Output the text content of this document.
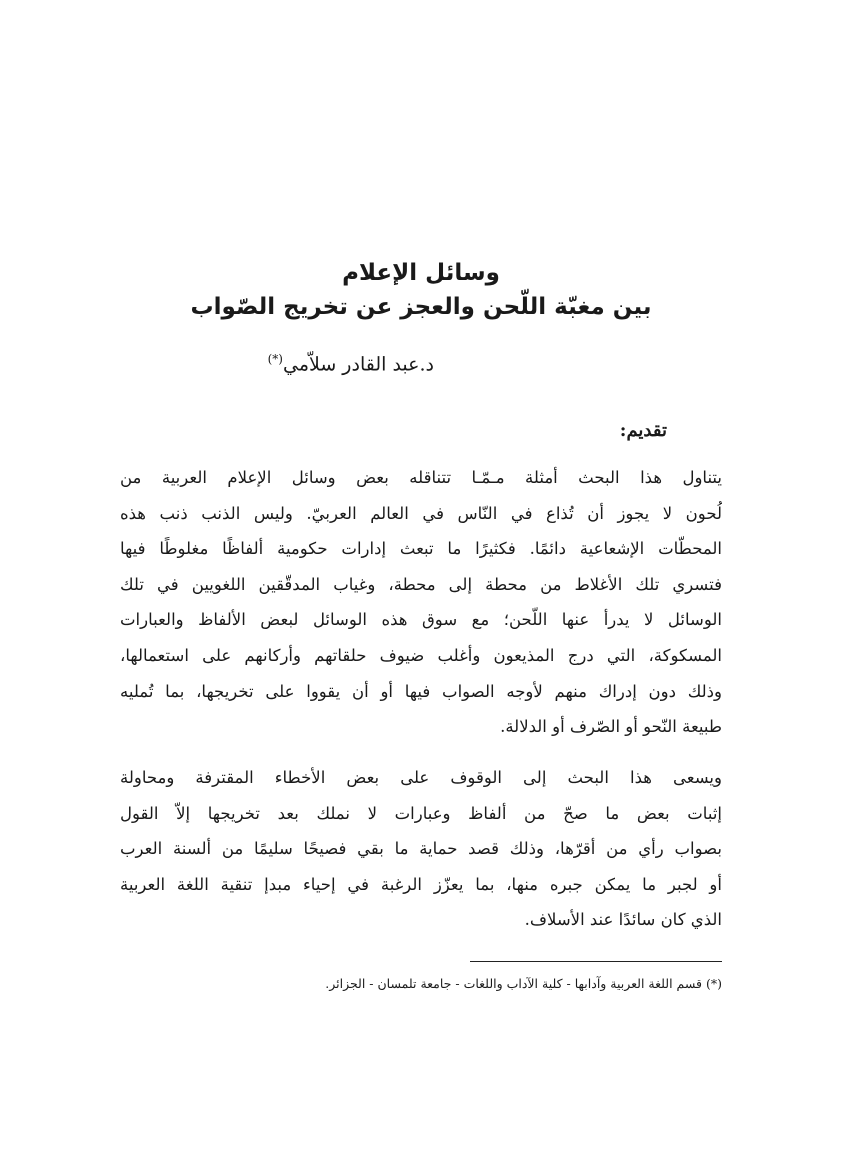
وسائل الإعلام
بين مغبّة اللّحن والعجز عن تخريج الصّواب
د.عبد القادر سلاّمي(*)
تقديم:
يتناول هذا البحث أمثلة مـمّـا تتناقله بعض وسائل الإعلام العربية من
لُحون لا يجوز أن تُذاع في النّاس في العالم العربيّ. وليس الذنب ذنب هذه
المحطّات الإشعاعية دائمًا. فكثيرًا ما تبعث إدارات حكومية ألفاظًا مغلوطًا فيها
فتسري تلك الأغلاط من محطة إلى محطة، وغياب المدقّقين اللغويين في تلك
الوسائل لا يدرأ عنها اللّحن؛ مع سوق هذه الوسائل لبعض الألفاظ والعبارات
المسكوكة، التي درج المذيعون وأغلب ضيوف حلقاتهم وأركانهم على استعمالها،
وذلك دون إدراك منهم لأوجه الصواب فيها أو أن يقووا على تخريجها، بما تُمليه
طبيعة النّحو أو الصّرف أو الدلالة.
ويسعى هذا البحث إلى الوقوف على بعض الأخطاء المقترفة ومحاولة
إثبات بعض ما صحّ من ألفاظ وعبارات لا نملك بعد تخريجها إلاّ القول
بصواب رأي من أقرّها، وذلك قصد حماية ما بقي فصيحًا سليمًا من ألسنة العرب
أو لجبر ما يمكن جبره منها، بما يعزّز الرغبة في إحياء مبدإ تنقية اللغة العربية
الذي كان سائدًا عند الأسلاف.
(*) قسم اللغة العربية وآدابها - كلية الآداب واللغات - جامعة تلمسان - الجزائر.
